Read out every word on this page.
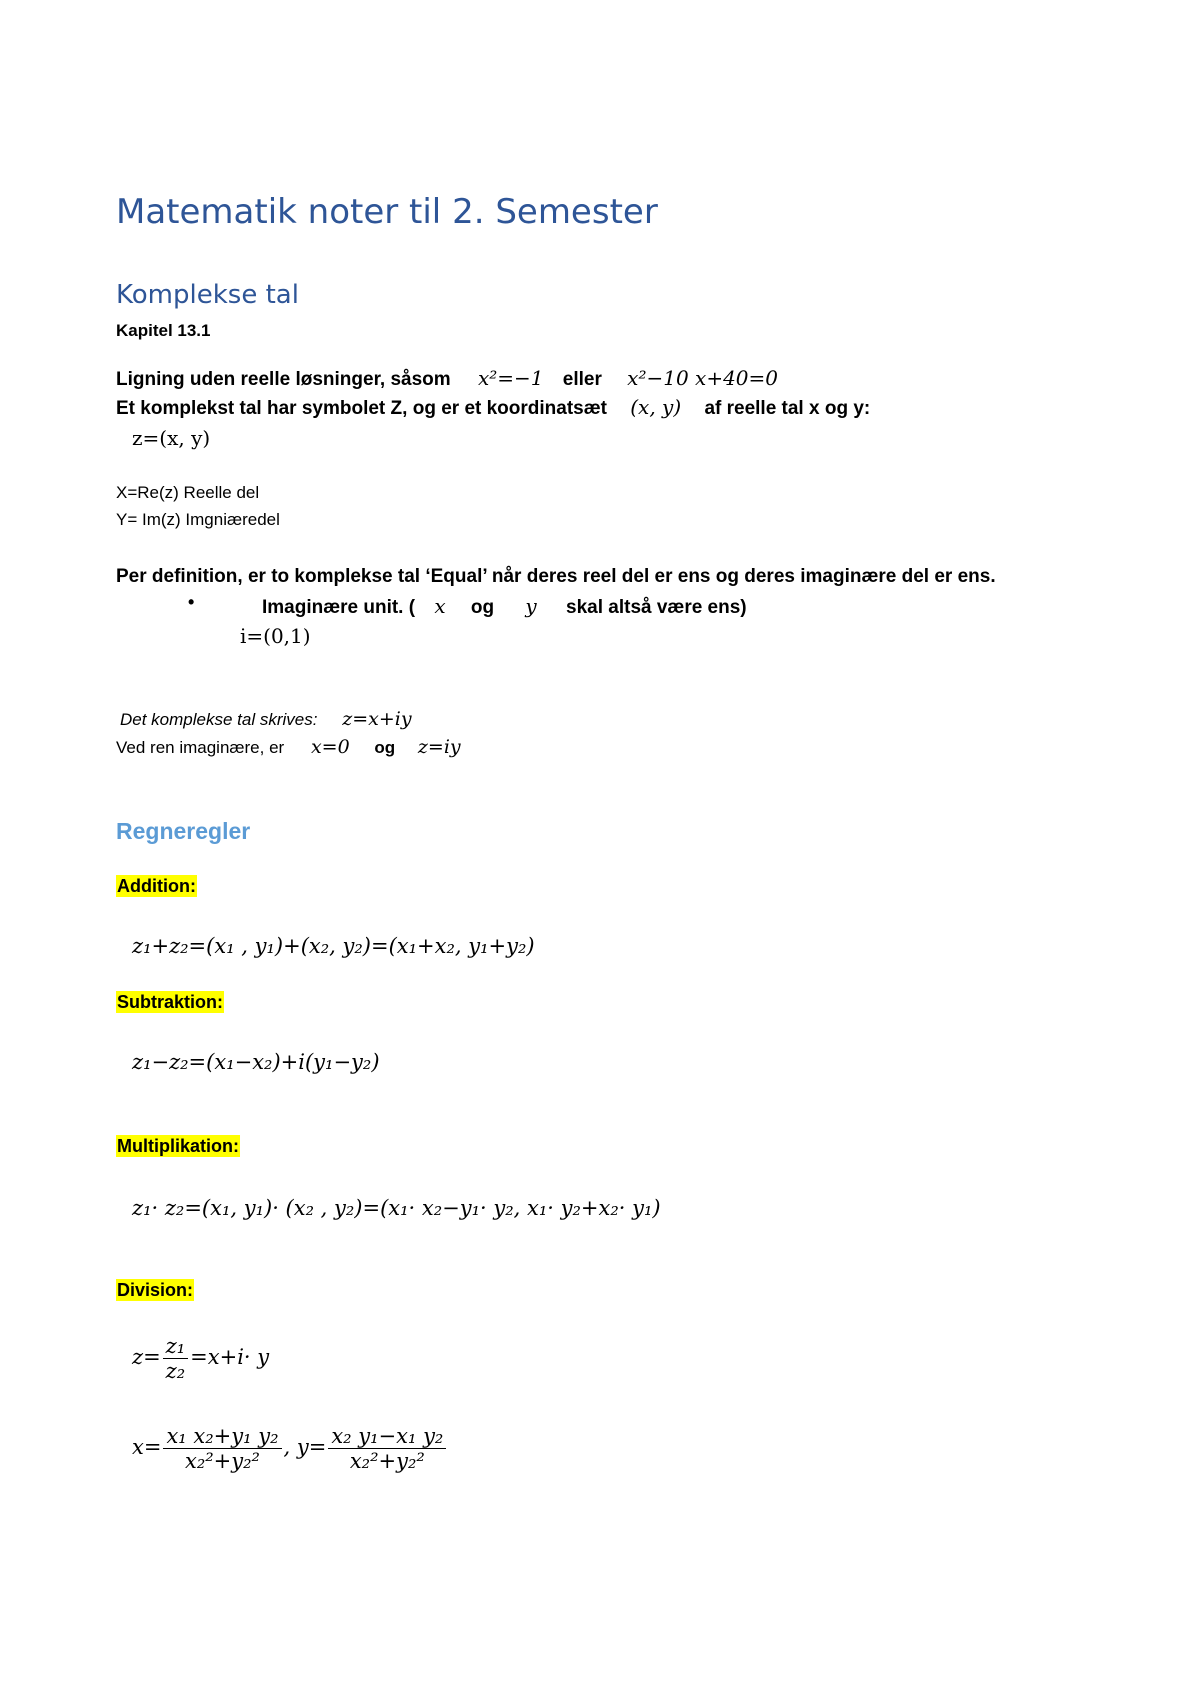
Matematik noter til 2. Semester
Komplekse tal
Kapitel 13.1
Ligning uden reelle løsninger, såsom x²=−1 eller x²−10 x+40=0
Et komplekst tal har symbolet Z, og er et koordinatsæt (x, y) af reelle tal x og y:
z=(x, y)
X=Re(z) Reelle del
Y= Im(z) Imgniæredel
Per definition, er to komplekse tal ‘Equal’ når deres reel del er ens og deres imaginære del er ens.
•	Imaginære unit. ( x og y skal altså være ens)
i=(0,1)
Det komplekse tal skrives: z=x+iy
Ved ren imaginære, er x=0 og z=iy
Regneregler
Addition:
z₁+z₂=(x₁ , y₁)+(x₂, y₂)=(x₁+x₂, y₁+y₂)
Subtraktion:
z₁−z₂=(x₁−x₂)+i(y₁−y₂)
Multiplikation:
z₁· z₂=(x₁, y₁)· (x₂ , y₂)=(x₁· x₂−y₁· y₂, x₁· y₂+x₂· y₁)
Division:
$z= \frac{\text{z₁}}{\text{z₂}} =x+i\cdot y$
$x= \frac{\text{x₁ x₂+y₁ y₂}}{\text{x₂²+y₂²}}$ , $y= \frac{\text{x₂ y₁−x₁ y₂}}{\text{x₂²+y₂²}}$
